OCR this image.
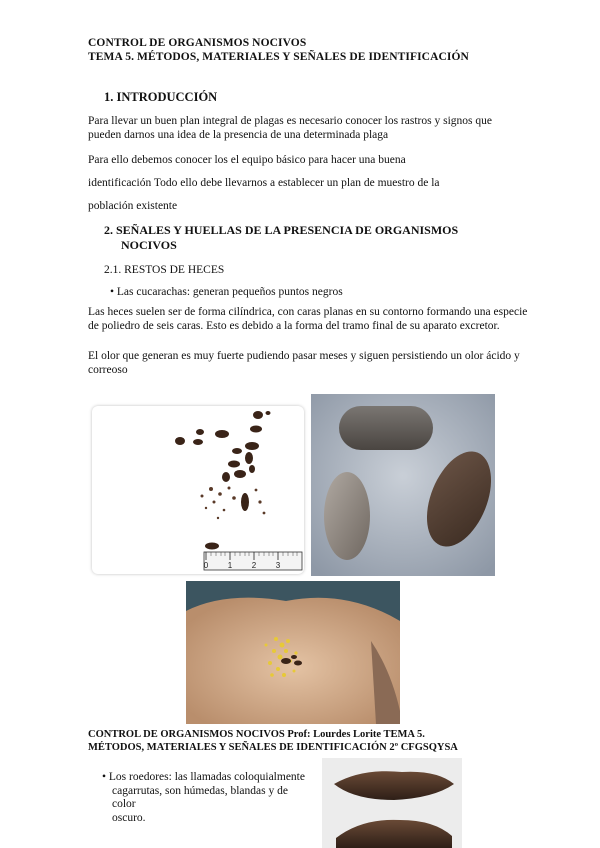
CONTROL DE ORGANISMOS NOCIVOS
TEMA 5. MÉTODOS, MATERIALES Y SEÑALES DE IDENTIFICACIÓN
1. INTRODUCCIÓN
Para llevar un buen plan integral de plagas es necesario conocer los rastros y signos que pueden darnos una idea de la presencia de una determinada plaga
Para ello debemos conocer los el equipo básico para hacer una buena
identificación Todo ello debe llevarnos a establecer un plan de muestro de la
población existente
2. SEÑALES Y HUELLAS DE LA PRESENCIA DE ORGANISMOS
NOCIVOS
2.1. RESTOS DE HECES
• Las cucarachas: generan pequeños puntos negros
Las heces suelen ser de forma cilíndrica, con caras planas en su contorno formando una especie de poliedro de seis caras. Esto es debido a la forma del tramo final de su aparato excretor.
El olor que generan es muy fuerte pudiendo pasar meses y siguen persistiendo un olor ácido y correoso
0 1 2 3
CONTROL DE ORGANISMOS NOCIVOS Prof: Lourdes Lorite TEMA 5.
MÉTODOS, MATERIALES Y SEÑALES DE IDENTIFICACIÓN 2º CFGSQYSA
• Los roedores: las llamadas coloquialmente
cagarrutas, son húmedas, blandas y de
color
oscuro.
